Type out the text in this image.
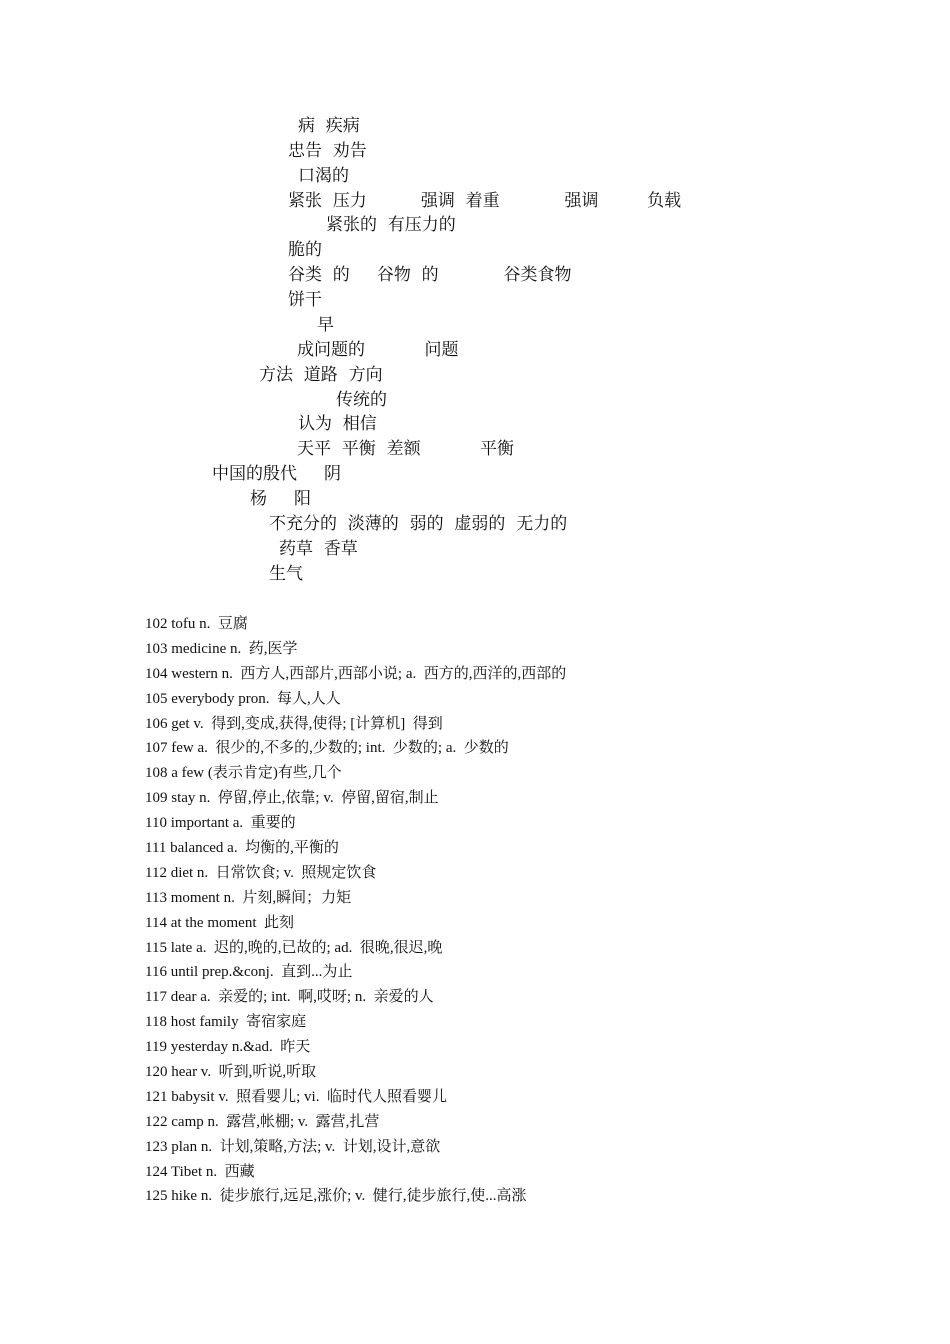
病  疾病
忠告  劝告
口渴的
紧张  压力          强调  着重            强调         负载
紧张的  有压力的
脆的
谷类  的     谷物  的            谷类食物
饼干
早
成问题的           问题
方法  道路  方向
传统的
认为  相信
天平  平衡  差额           平衡
中国的殷代     阴
杨     阳
不充分的  淡薄的  弱的  虚弱的  无力的
药草  香草
生气
102 tofu n.  豆腐
103 medicine n.  药,医学
104 western n.  西方人,西部片,西部小说; a.  西方的,西洋的,西部的
105 everybody pron.  每人,人人
106 get v.  得到,变成,获得,使得; [计算机]  得到
107 few a.  很少的,不多的,少数的; int.  少数的; a.  少数的
108 a few (表示肯定)有些,几个
109 stay n.  停留,停止,依靠; v.  停留,留宿,制止
110 important a.  重要的
111 balanced a.  均衡的,平衡的
112 diet n.  日常饮食; v.  照规定饮食
113 moment n.  片刻,瞬间；力矩
114 at the moment  此刻
115 late a.  迟的,晚的,已故的; ad.  很晚,很迟,晚
116 until prep.&conj.  直到...为止
117 dear a.  亲爱的; int.  啊,哎呀; n.  亲爱的人
118 host family  寄宿家庭
119 yesterday n.&ad.  昨天
120 hear v.  听到,听说,听取
121 babysit v.  照看婴儿; vi.  临时代人照看婴儿
122 camp n.  露营,帐棚; v.  露营,扎营
123 plan n.  计划,策略,方法; v.  计划,设计,意欲
124 Tibet n.  西藏
125 hike n.  徒步旅行,远足,涨价; v.  健行,徒步旅行,使...高涨
